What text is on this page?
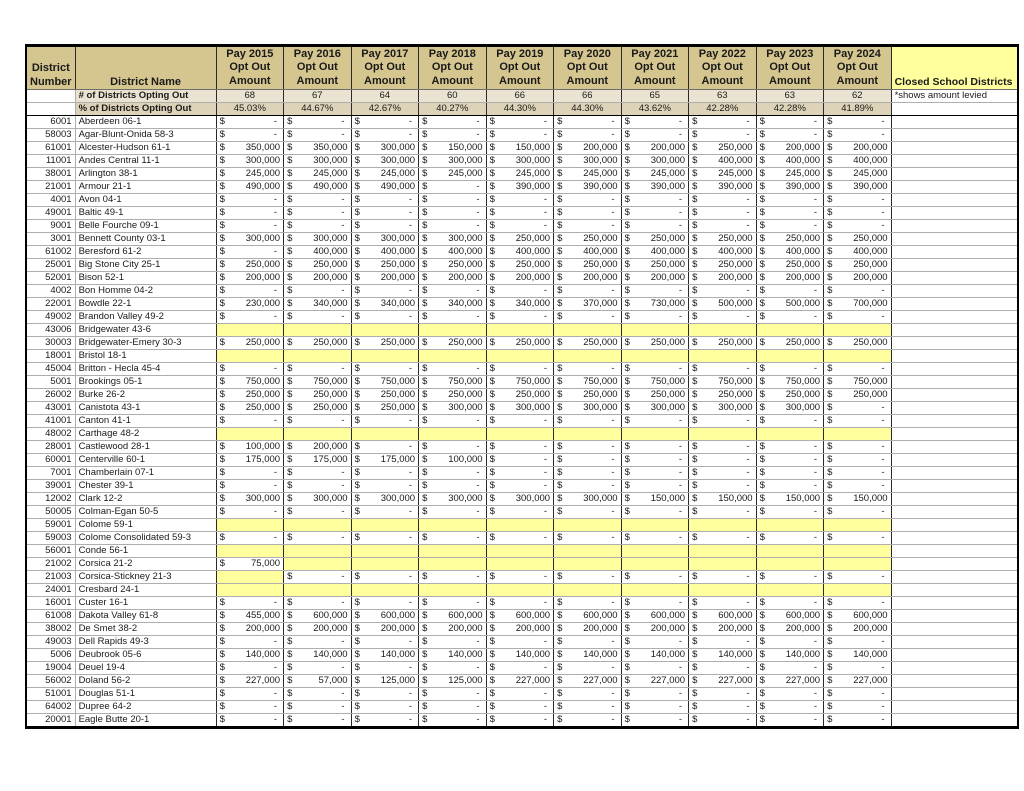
District
Number	District Name	
Pay 2015
Opt Out
Amount

Pay 2016
Opt Out
Amount

Pay 2017
Opt Out
Amount

Pay 2018
Opt Out
Amount

Pay 2019
Opt Out
Amount

Pay 2020
Opt Out
Amount

Pay 2021
Opt Out
Amount

Pay 2022
Opt Out
Amount

Pay 2023
Opt Out
Amount

Pay 2024
Opt Out
Amount	Closed School Districts
	# of Districts Opting Out	68	67	64	60	66	66	65	63	63	62	*shows amount levied
	% of Districts Opting Out	45.03%	44.67%	42.67%	40.27%	44.30%	44.30%	43.62%	42.28%	42.28%	41.89%	
6001	Aberdeen 06-1	$ -	$ -	$ -	$ -	$ -	$ -	$ -	$ -	$ -	$ -	
58003	Agar-Blunt-Onida 58-3	$ -	$ -	$ -	$ -	$ -	$ -	$ -	$ -	$ -	$ -	
61001	Alcester-Hudson 61-1	$ 350,000	$ 350,000	$ 300,000	$ 150,000	$ 150,000	$ 200,000	$ 200,000	$ 250,000	$ 200,000	$ 200,000	
11001	Andes Central 11-1	$ 300,000	$ 300,000	$ 300,000	$ 300,000	$ 300,000	$ 300,000	$ 300,000	$ 400,000	$ 400,000	$ 400,000	
38001	Arlington 38-1	$ 245,000	$ 245,000	$ 245,000	$ 245,000	$ 245,000	$ 245,000	$ 245,000	$ 245,000	$ 245,000	$ 245,000	
21001	Armour 21-1	$ 490,000	$ 490,000	$ 490,000	$ -	$ 390,000	$ 390,000	$ 390,000	$ 390,000	$ 390,000	$ 390,000	
4001	Avon 04-1	$ -	$ -	$ -	$ -	$ -	$ -	$ -	$ -	$ -	$ -	
49001	Baltic 49-1	$ -	$ -	$ -	$ -	$ -	$ -	$ -	$ -	$ -	$ -	
9001	Belle Fourche 09-1	$ -	$ -	$ -	$ -	$ -	$ -	$ -	$ -	$ -	$ -	
3001	Bennett County 03-1	$ 300,000	$ 300,000	$ 300,000	$ 300,000	$ 250,000	$ 250,000	$ 250,000	$ 250,000	$ 250,000	$ 250,000	
61002	Beresford 61-2	$ -	$ 400,000	$ 400,000	$ 400,000	$ 400,000	$ 400,000	$ 400,000	$ 400,000	$ 400,000	$ 400,000	
25001	Big Stone City 25-1	$ 250,000	$ 250,000	$ 250,000	$ 250,000	$ 250,000	$ 250,000	$ 250,000	$ 250,000	$ 250,000	$ 250,000	
52001	Bison 52-1	$ 200,000	$ 200,000	$ 200,000	$ 200,000	$ 200,000	$ 200,000	$ 200,000	$ 200,000	$ 200,000	$ 200,000	
4002	Bon Homme 04-2	$ -	$ -	$ -	$ -	$ -	$ -	$ -	$ -	$ -	$ -	
22001	Bowdle 22-1	$ 230,000	$ 340,000	$ 340,000	$ 340,000	$ 340,000	$ 370,000	$ 730,000	$ 500,000	$ 500,000	$ 700,000	
49002	Brandon Valley 49-2	$ -	$ -	$ -	$ -	$ -	$ -	$ -	$ -	$ -	$ -	
43006	Bridgewater 43-6											
30003	Bridgewater-Emery 30-3	$ 250,000	$ 250,000	$ 250,000	$ 250,000	$ 250,000	$ 250,000	$ 250,000	$ 250,000	$ 250,000	$ 250,000	
18001	Bristol 18-1											
45004	Britton - Hecla 45-4	$ -	$ -	$ -	$ -	$ -	$ -	$ -	$ -	$ -	$ -	
5001	Brookings 05-1	$ 750,000	$ 750,000	$ 750,000	$ 750,000	$ 750,000	$ 750,000	$ 750,000	$ 750,000	$ 750,000	$ 750,000	
26002	Burke 26-2	$ 250,000	$ 250,000	$ 250,000	$ 250,000	$ 250,000	$ 250,000	$ 250,000	$ 250,000	$ 250,000	$ 250,000	
43001	Canistota 43-1	$ 250,000	$ 250,000	$ 250,000	$ 300,000	$ 300,000	$ 300,000	$ 300,000	$ 300,000	$ 300,000	$ -	
41001	Canton 41-1	$ -	$ -	$ -	$ -	$ -	$ -	$ -	$ -	$ -	$ -	
48002	Carthage 48-2											
28001	Castlewood 28-1	$ 100,000	$ 200,000	$ -	$ -	$ -	$ -	$ -	$ -	$ -	$ -	
60001	Centerville 60-1	$ 175,000	$ 175,000	$ 175,000	$ 100,000	$ -	$ -	$ -	$ -	$ -	$ -	
7001	Chamberlain 07-1	$ -	$ -	$ -	$ -	$ -	$ -	$ -	$ -	$ -	$ -	
39001	Chester 39-1	$ -	$ -	$ -	$ -	$ -	$ -	$ -	$ -	$ -	$ -	
12002	Clark 12-2	$ 300,000	$ 300,000	$ 300,000	$ 300,000	$ 300,000	$ 300,000	$ 150,000	$ 150,000	$ 150,000	$ 150,000	
50005	Colman-Egan 50-5	$ -	$ -	$ -	$ -	$ -	$ -	$ -	$ -	$ -	$ -	
59001	Colome 59-1											
59003	Colome Consolidated 59-3	$ -	$ -	$ -	$ -	$ -	$ -	$ -	$ -	$ -	$ -	
56001	Conde 56-1											
21002	Corsica 21-2	$ 75,000										
21003	Corsica-Stickney 21-3		$ -	$ -	$ -	$ -	$ -	$ -	$ -	$ -	$ -	
24001	Cresbard 24-1											
16001	Custer 16-1	$ -	$ -	$ -	$ -	$ -	$ -	$ -	$ -	$ -	$ -	
61008	Dakota Valley 61-8	$ 455,000	$ 600,000	$ 600,000	$ 600,000	$ 600,000	$ 600,000	$ 600,000	$ 600,000	$ 600,000	$ 600,000	
38002	De Smet 38-2	$ 200,000	$ 200,000	$ 200,000	$ 200,000	$ 200,000	$ 200,000	$ 200,000	$ 200,000	$ 200,000	$ 200,000	
49003	Dell Rapids 49-3	$ -	$ -	$ -	$ -	$ -	$ -	$ -	$ -	$ -	$ -	
5006	Deubrook 05-6	$ 140,000	$ 140,000	$ 140,000	$ 140,000	$ 140,000	$ 140,000	$ 140,000	$ 140,000	$ 140,000	$ 140,000	
19004	Deuel 19-4	$ -	$ -	$ -	$ -	$ -	$ -	$ -	$ -	$ -	$ -	
56002	Doland 56-2	$ 227,000	$ 57,000	$ 125,000	$ 125,000	$ 227,000	$ 227,000	$ 227,000	$ 227,000	$ 227,000	$ 227,000	
51001	Douglas 51-1	$ -	$ -	$ -	$ -	$ -	$ -	$ -	$ -	$ -	$ -	
64002	Dupree 64-2	$ -	$ -	$ -	$ -	$ -	$ -	$ -	$ -	$ -	$ -	
20001	Eagle Butte 20-1	$ -	$ -	$ -	$ -	$ -	$ -	$ -	$ -	$ -	$ -	
